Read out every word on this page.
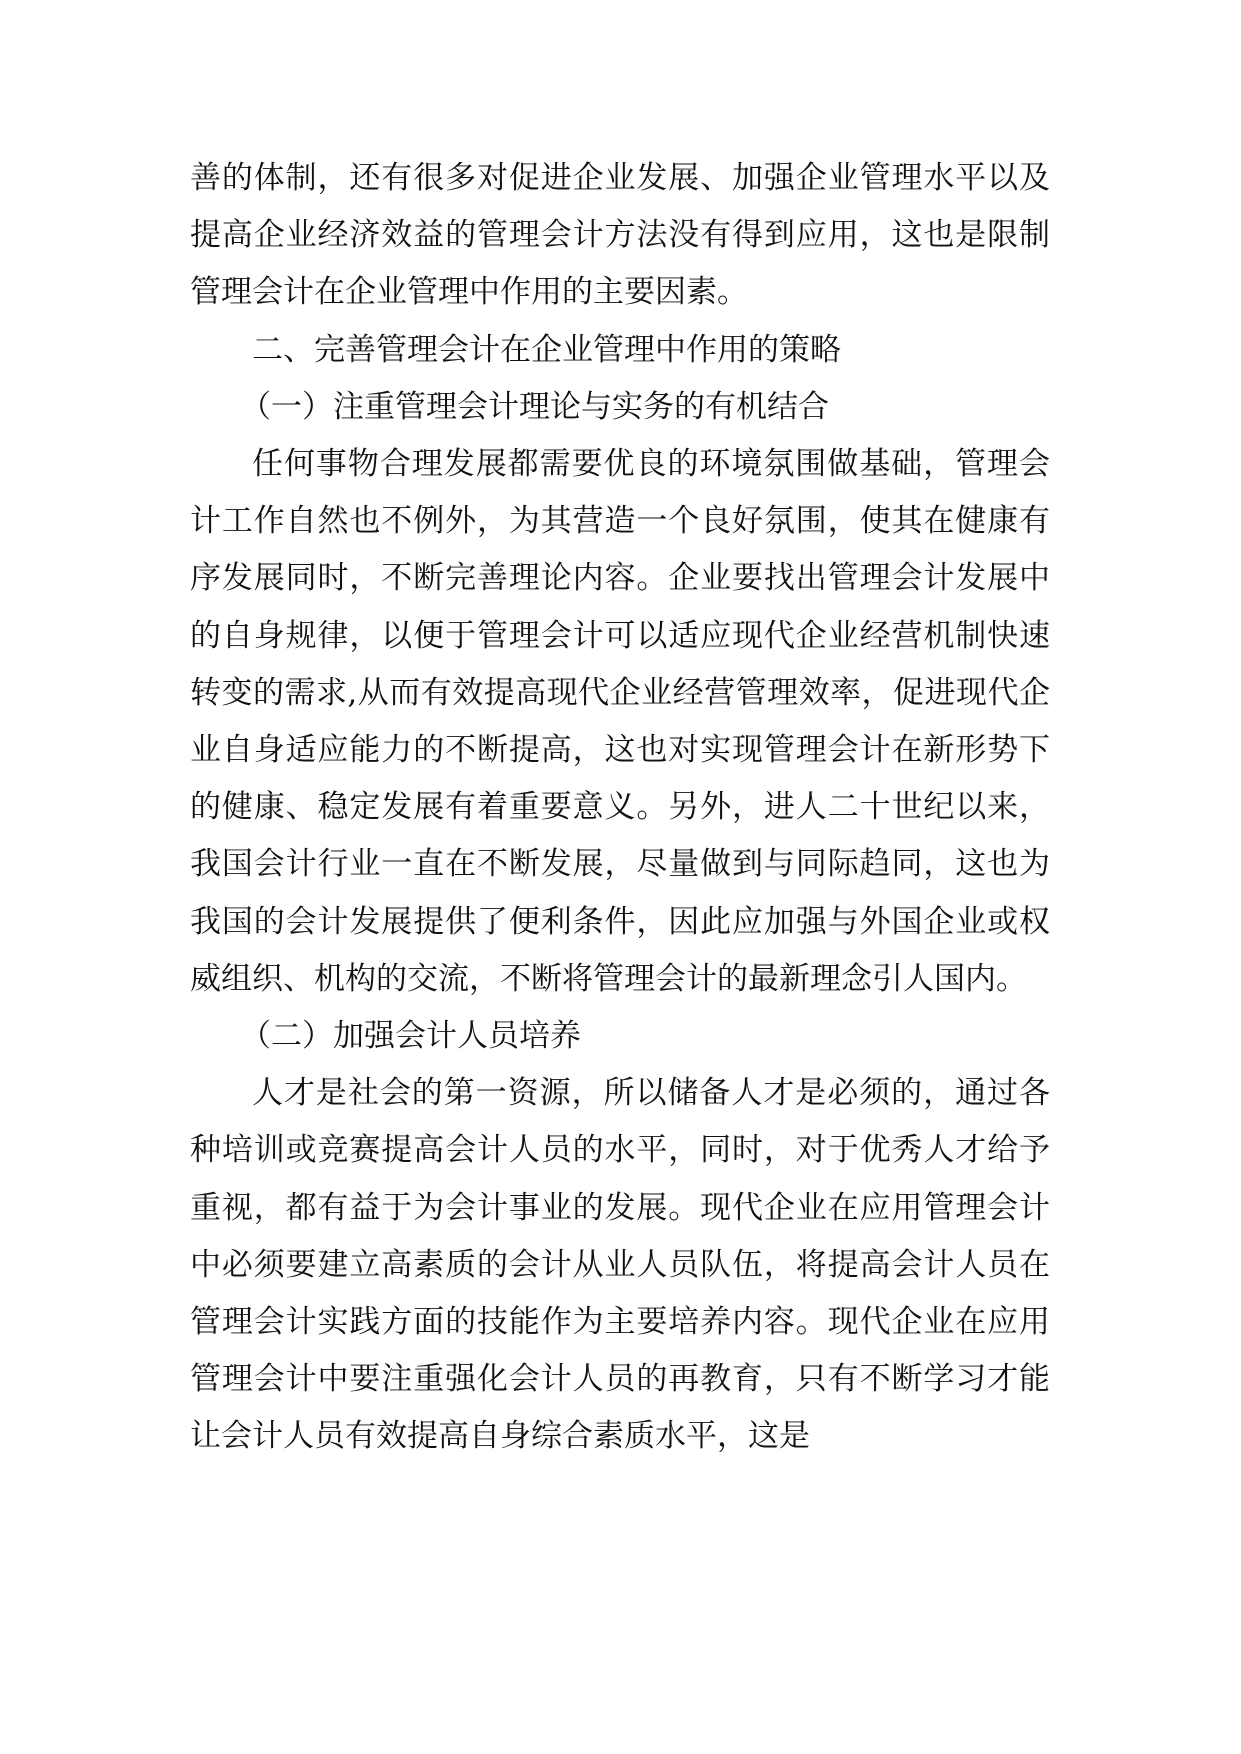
善的体制，还有很多对促进企业发展、加强企业管理水平以及提高企业经济效益的管理会计方法没有得到应用，这也是限制管理会计在企业管理中作用的主要因素。

二、完善管理会计在企业管理中作用的策略

（一）注重管理会计理论与实务的有机结合

任何事物合理发展都需要优良的环境氛围做基础，管理会计工作自然也不例外，为其营造一个良好氛围，使其在健康有序发展同时，不断完善理论内容。企业要找出管理会计发展中的自身规律，以便于管理会计可以适应现代企业经营机制快速转变的需求,从而有效提高现代企业经营管理效率，促进现代企业自身适应能力的不断提高，这也对实现管理会计在新形势下的健康、稳定发展有着重要意义。另外，进人二十世纪以来，我国会计行业一直在不断发展，尽量做到与同际趋同，这也为我国的会计发展提供了便利条件，因此应加强与外国企业或权威组织、机构的交流，不断将管理会计的最新理念引人国内。

（二）加强会计人员培养

人才是社会的第一资源，所以储备人才是必须的，通过各种培训或竞赛提高会计人员的水平，同时，对于优秀人才给予重视，都有益于为会计事业的发展。现代企业在应用管理会计中必须要建立高素质的会计从业人员队伍，将提高会计人员在管理会计实践方面的技能作为主要培养内容。现代企业在应用管理会计中要注重强化会计人员的再教育，只有不断学习才能让会计人员有效提高自身综合素质水平，这是
